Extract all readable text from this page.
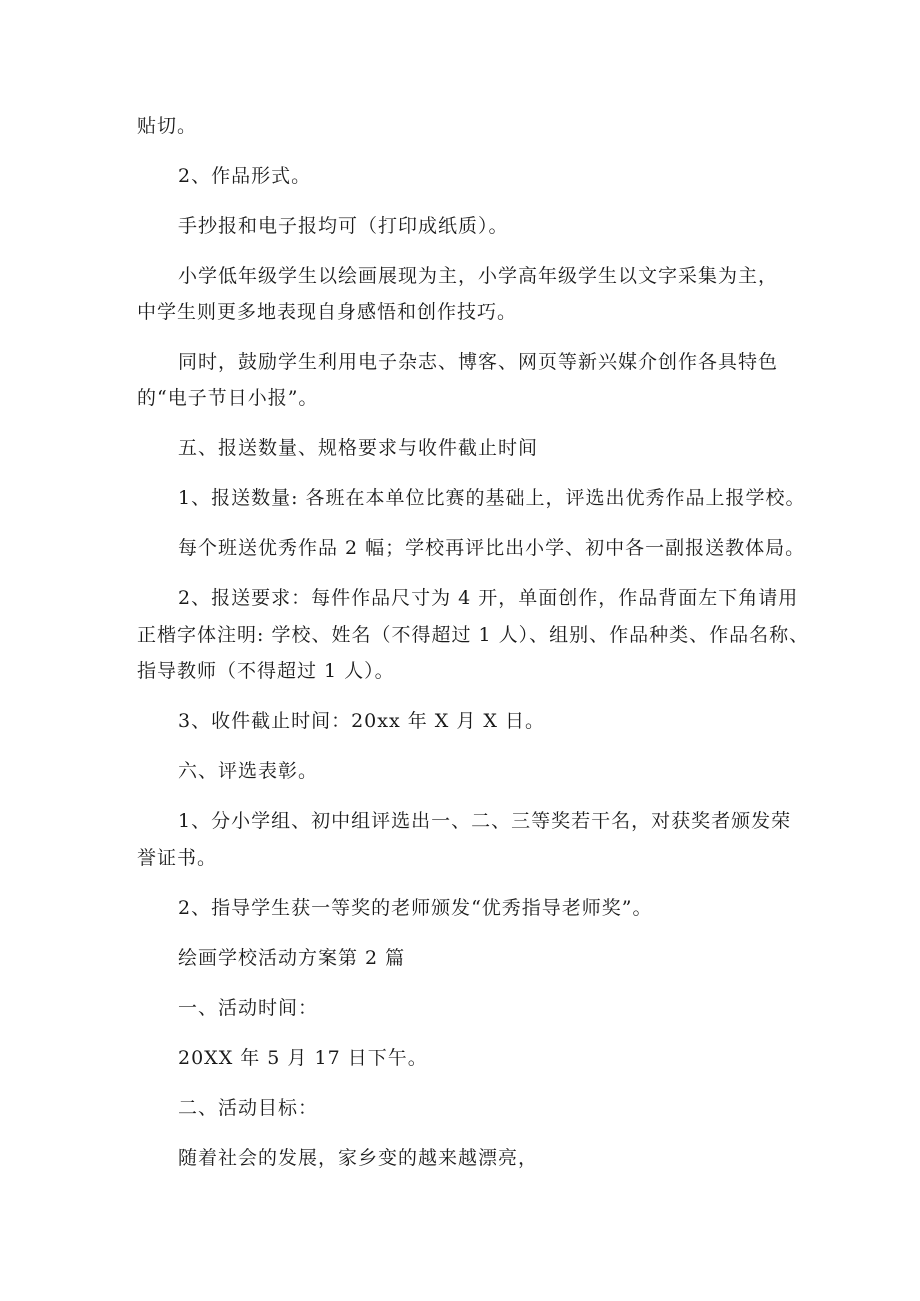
贴切。
2、作品形式。
手抄报和电子报均可（打印成纸质）。
小学低年级学生以绘画展现为主，小学高年级学生以文字采集为主，
中学生则更多地表现自身感悟和创作技巧。
同时，鼓励学生利用电子杂志、博客、网页等新兴媒介创作各具特色
的“电子节日小报”。
五、报送数量、规格要求与收件截止时间
1、报送数量: 各班在本单位比赛的基础上，评选出优秀作品上报学校。
每个班送优秀作品 2 幅；学校再评比出小学、初中各一副报送教体局。
2、报送要求：每件作品尺寸为 4 开，单面创作，作品背面左下角请用
正楷字体注明: 学校、姓名（不得超过 1 人）、组别、作品种类、作品名称、
指导教师（不得超过 1 人）。
3、收件截止时间：20xx 年 X 月 X 日。
六、评选表彰。
1、分小学组、初中组评选出一、二、三等奖若干名，对获奖者颁发荣
誉证书。
2、指导学生获一等奖的老师颁发“优秀指导老师奖”。
绘画学校活动方案第 2 篇
一、活动时间：
20XX 年 5 月 17 日下午。
二、活动目标：
随着社会的发展，家乡变的越来越漂亮，
